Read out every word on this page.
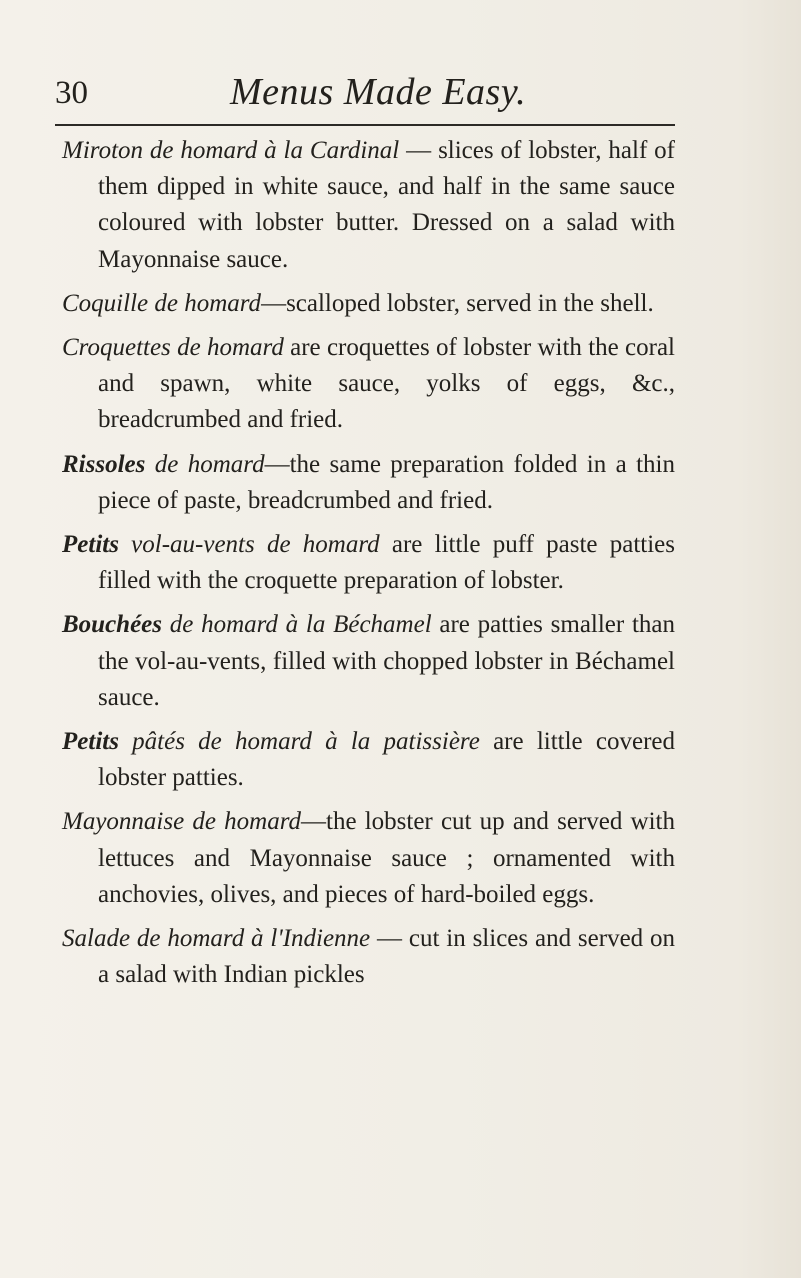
30	Menus Made Easy.

Miroton de homard à la Cardinal — slices of lobster, half of them dipped in white sauce, and half in the same sauce coloured with lobster butter. Dressed on a salad with Mayonnaise sauce.

Coquille de homard—scalloped lobster, served in the shell.

Croquettes de homard are croquettes of lobster with the coral and spawn, white sauce, yolks of eggs, &c., breadcrumbed and fried.

Rissoles de homard—the same preparation folded in a thin piece of paste, breadcrumbed and fried.

Petits vol-au-vents de homard are little puff paste patties filled with the croquette preparation of lobster.

Bouchées de homard à la Béchamel are patties smaller than the vol-au-vents, filled with chopped lobster in Béchamel sauce.

Petits pâtés de homard à la patissière are little covered lobster patties.

Mayonnaise de homard—the lobster cut up and served with lettuces and Mayonnaise sauce ; ornamented with anchovies, olives, and pieces of hard-boiled eggs.

Salade de homard à l'Indienne — cut in slices and served on a salad with Indian pickles
